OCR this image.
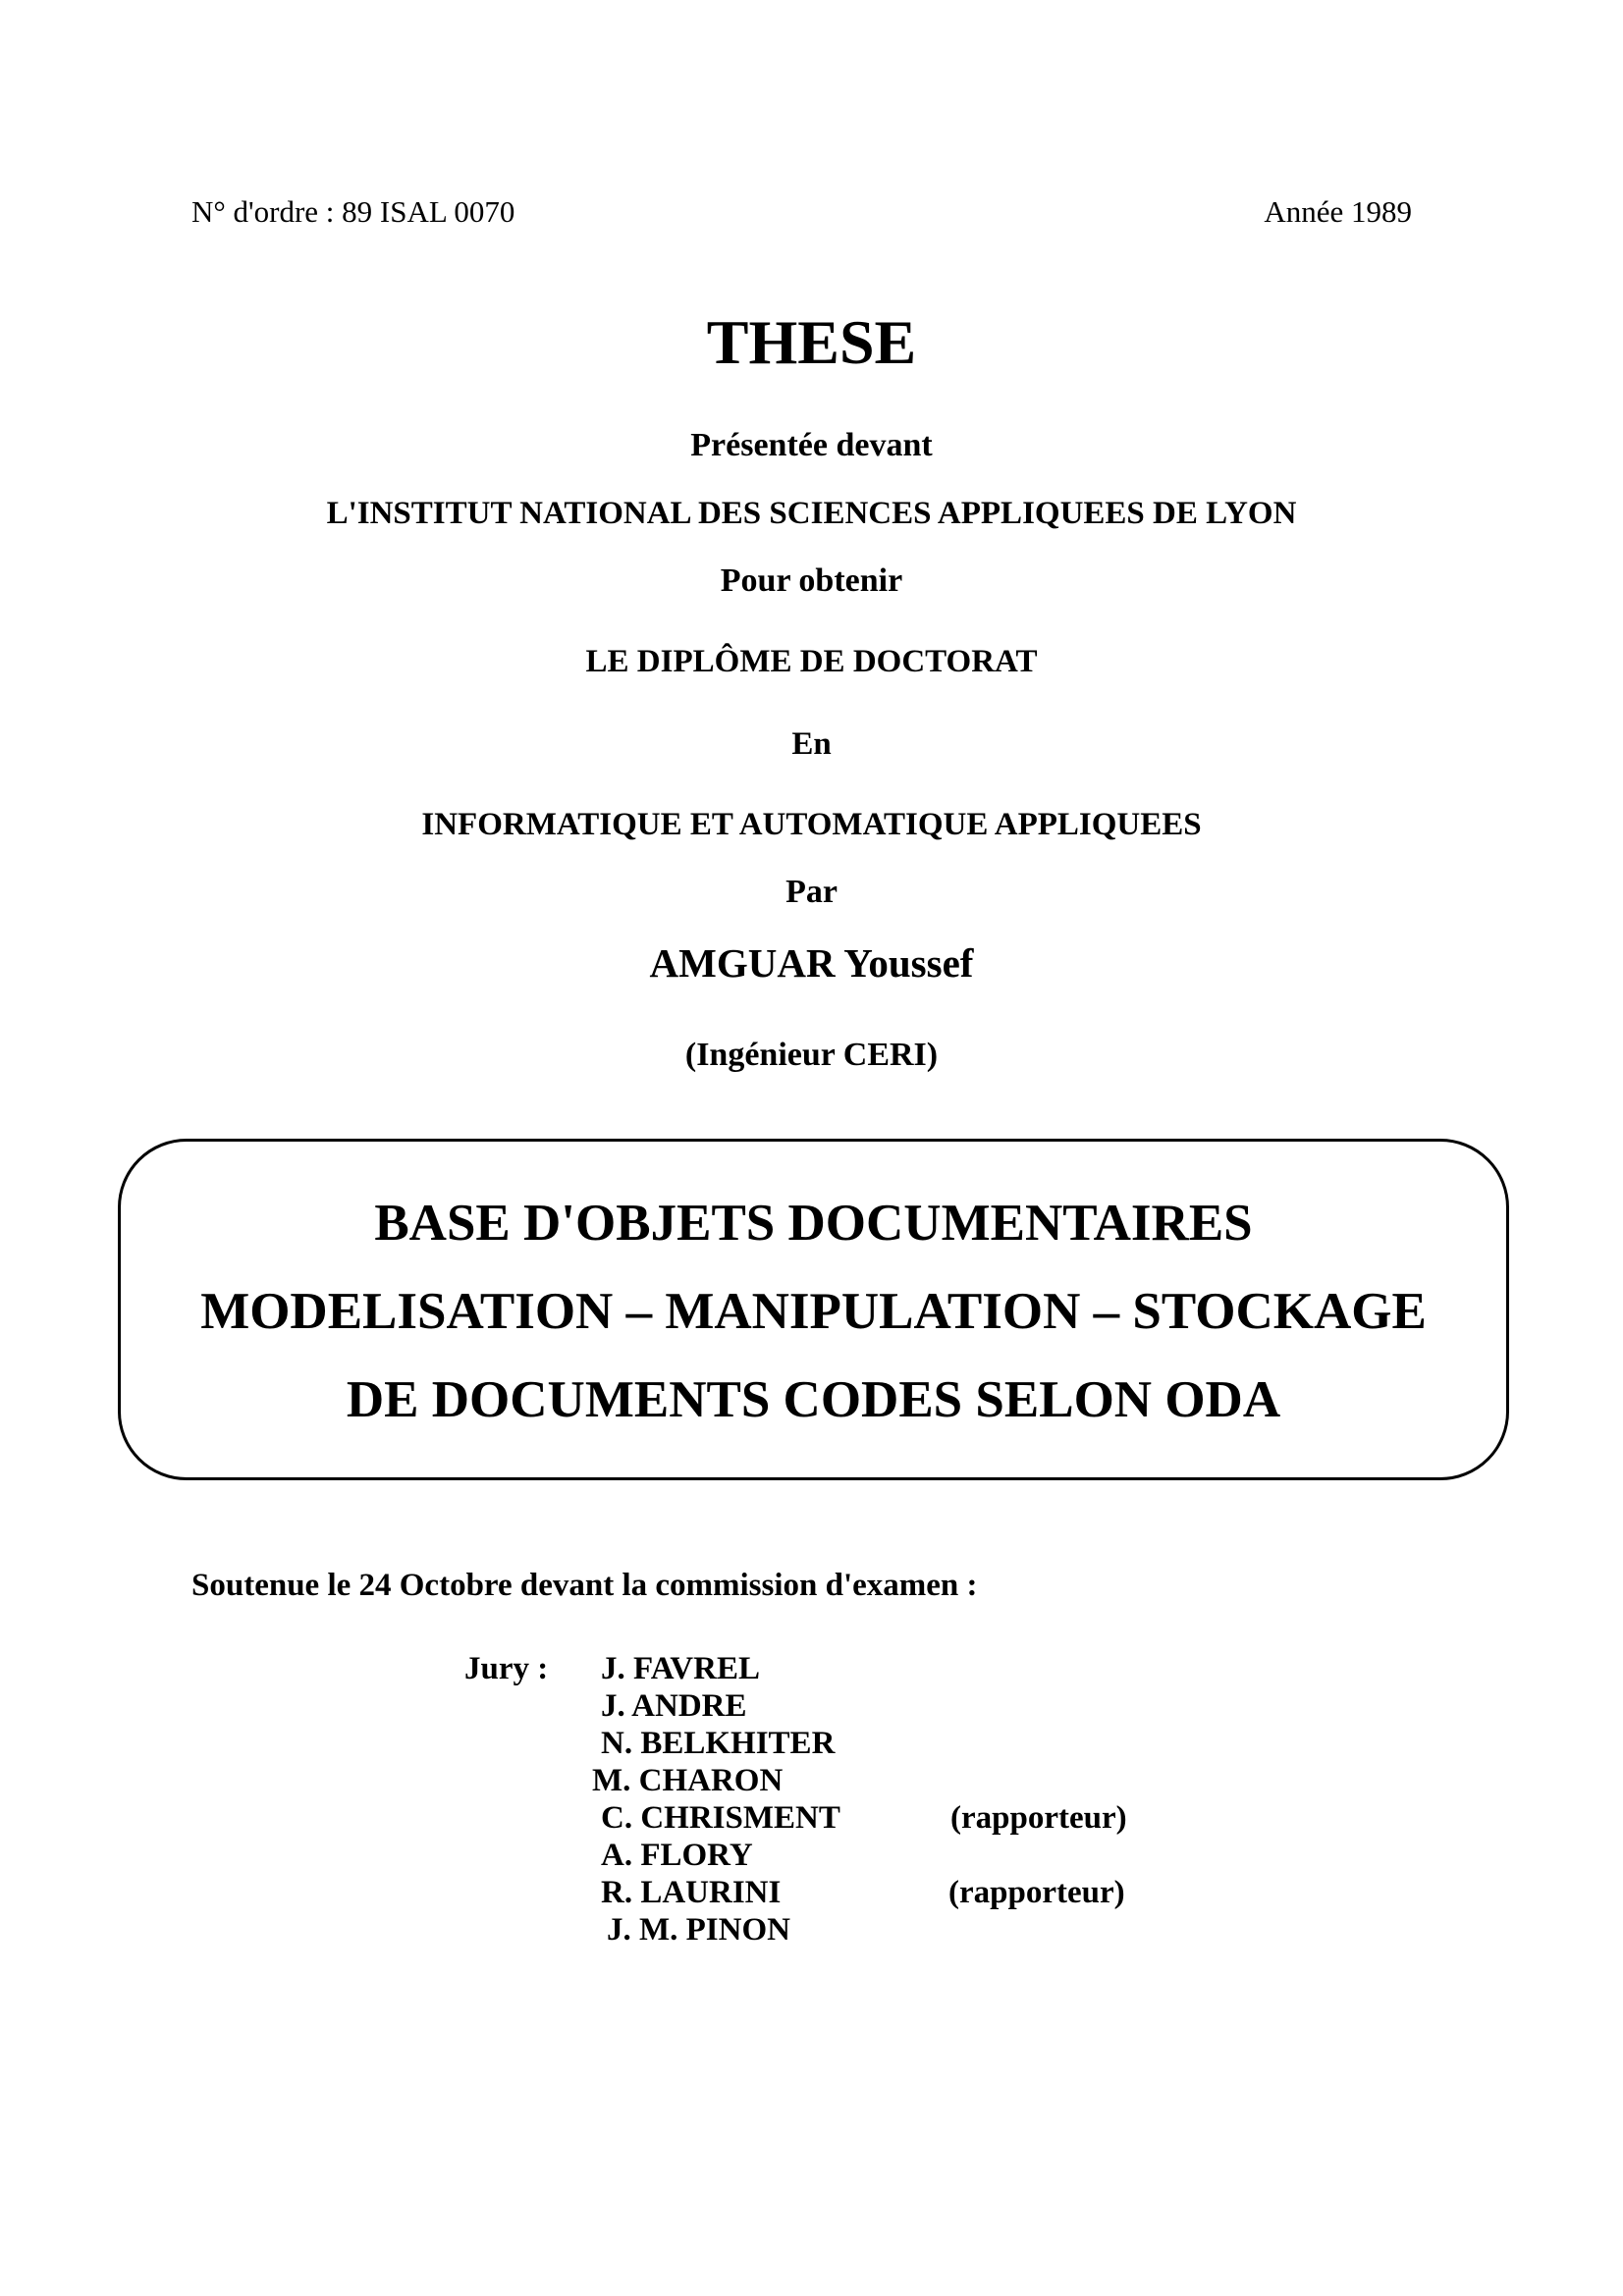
N° d'ordre : 89 ISAL 0070	Année 1989
THESE
Présentée devant
L'INSTITUT NATIONAL DES SCIENCES APPLIQUEES DE LYON
Pour obtenir
LE DIPLÔME DE DOCTORAT
En
INFORMATIQUE ET AUTOMATIQUE APPLIQUEES
Par
AMGUAR Youssef
(Ingénieur CERI)
BASE D'OBJETS DOCUMENTAIRES
MODELISATION – MANIPULATION – STOCKAGE
DE DOCUMENTS CODES SELON ODA
Soutenue le 24 Octobre devant la commission d'examen :
Jury : J. FAVREL
J. ANDRE
N. BELKHITER
M. CHARON
C. CHRISMENT	(rapporteur)
A. FLORY
R. LAURINI	(rapporteur)
J. M. PINON
